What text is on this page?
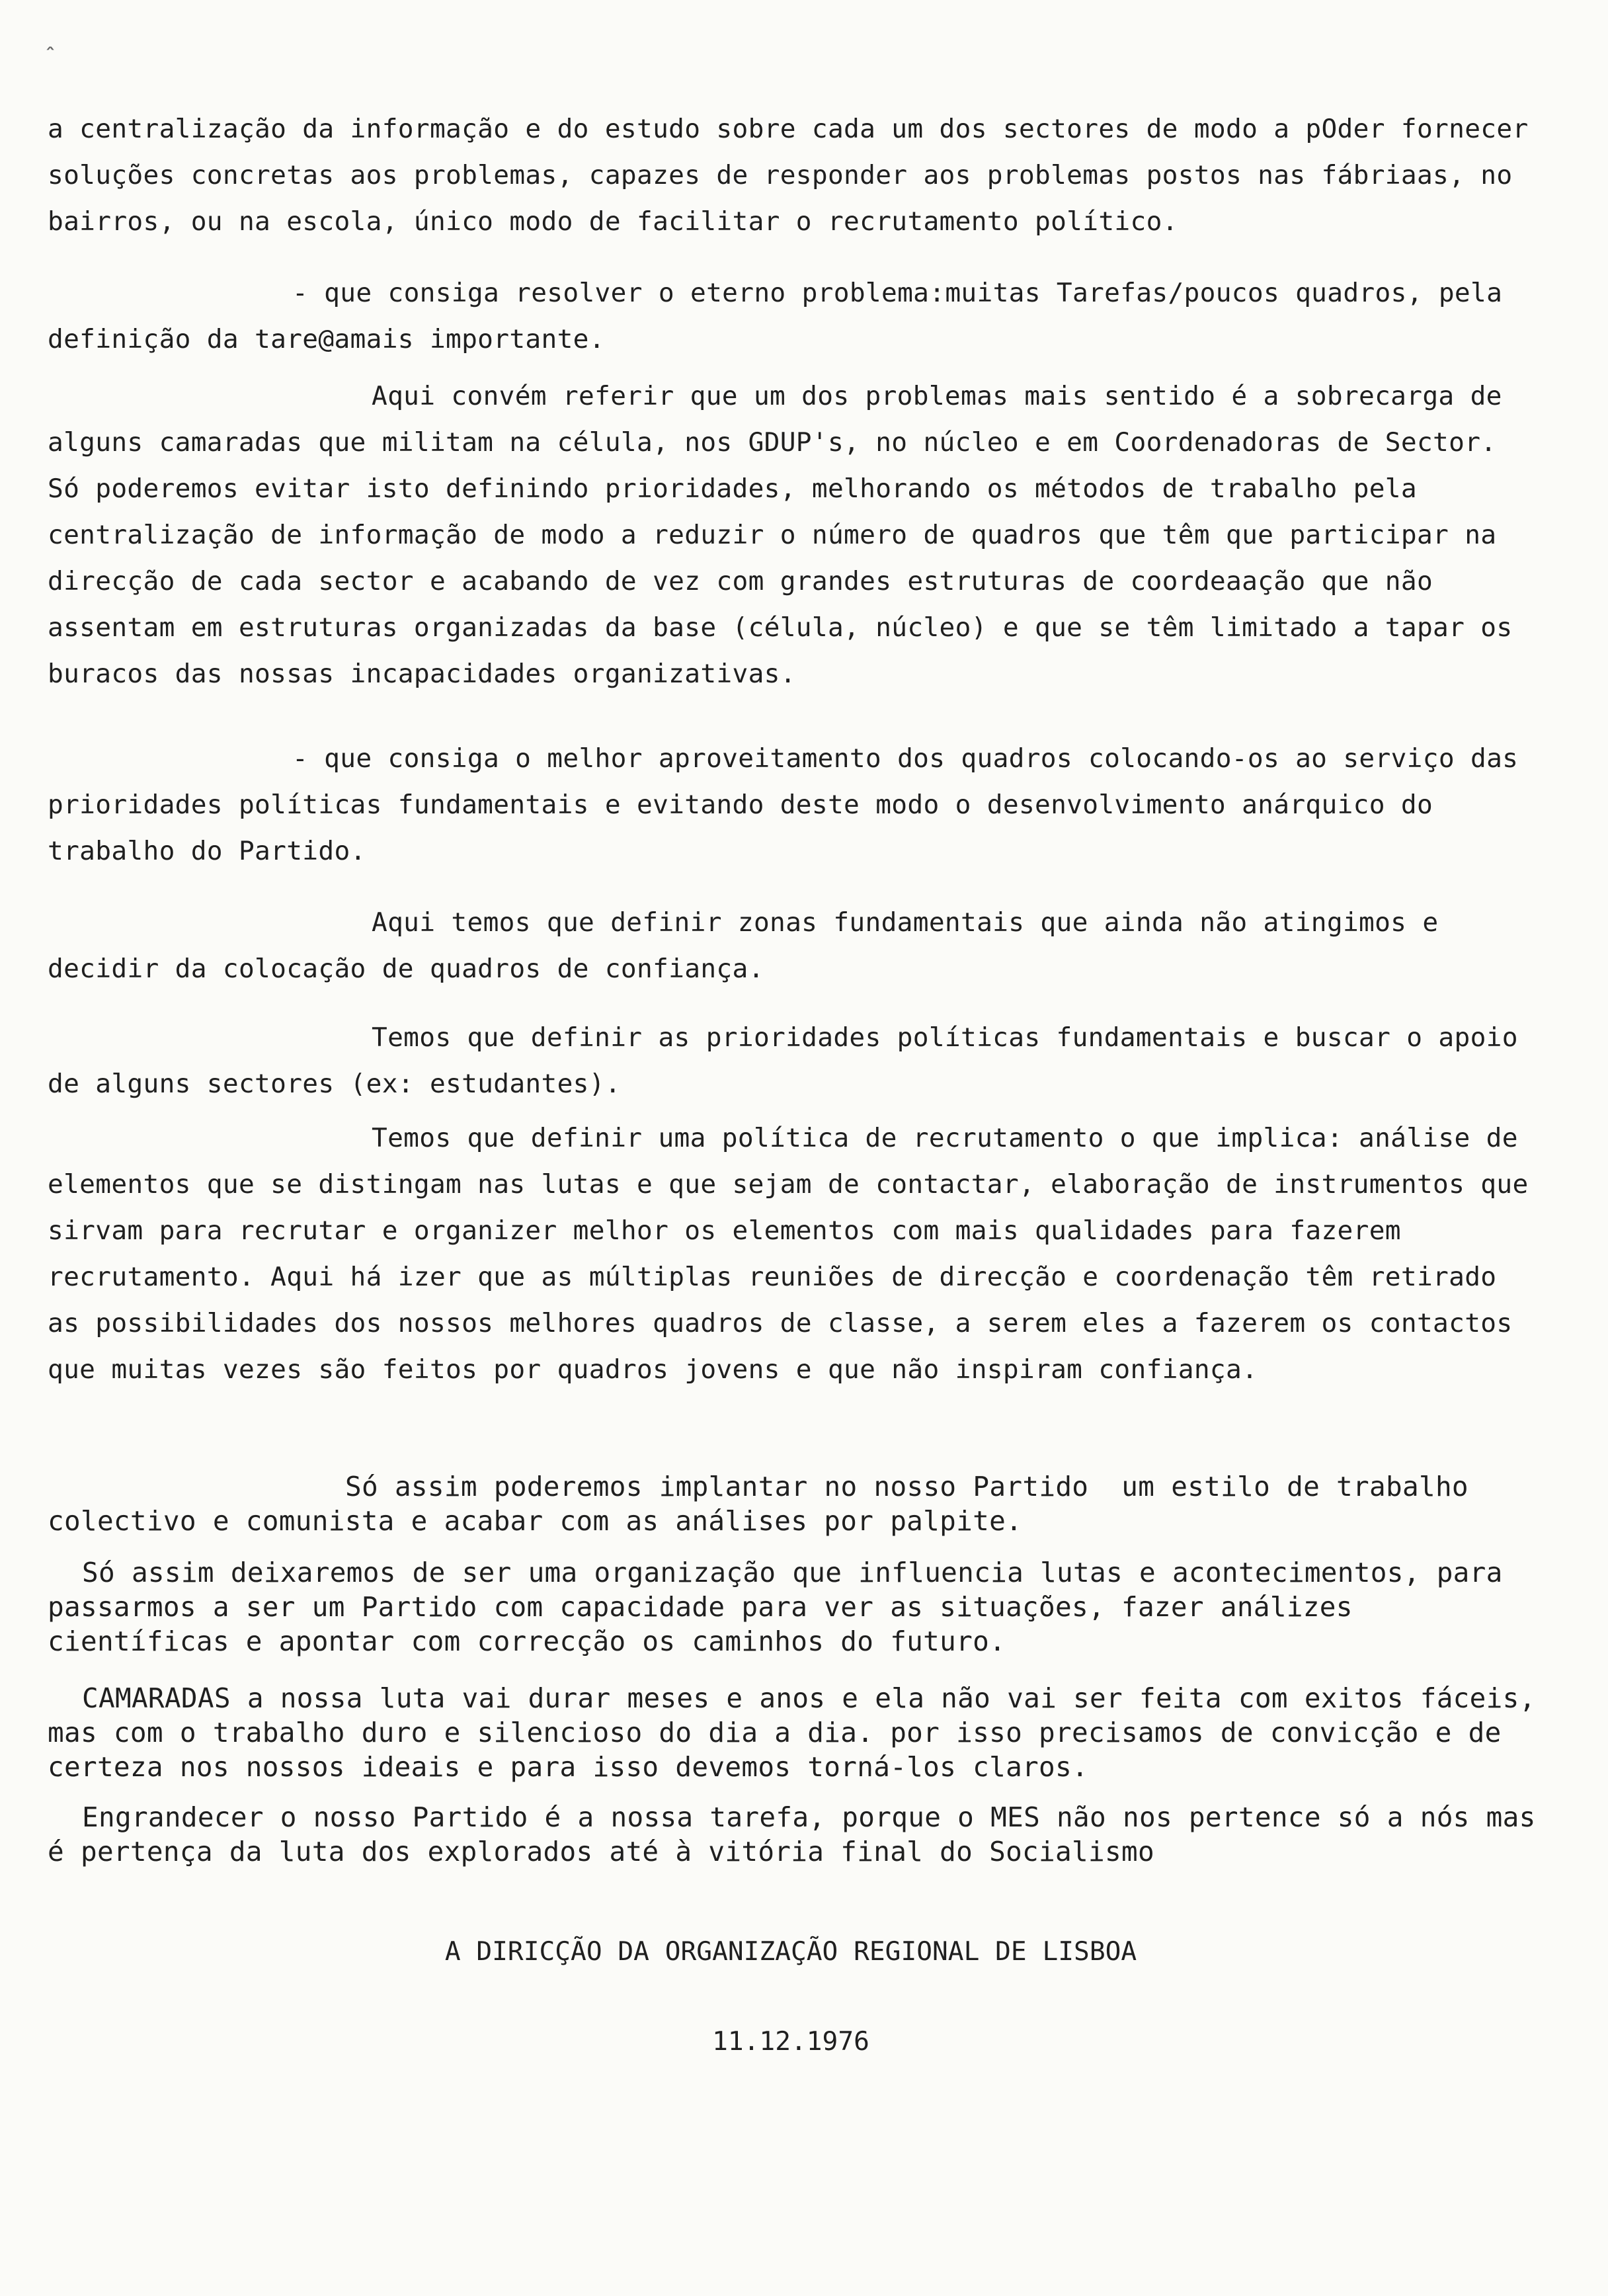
ꞈ

a centralização da informação e do estudo sobre cada um dos sectores de modo a pOder fornecer soluções concretas aos problemas, capazes de responder aos problemas postos nas fábriaas, no bairros, ou na escola, único modo de facilitar o recrutamento político.

- que consiga resolver o eterno problema:muitas Tarefas/poucos quadros, pela definição da tare@amais importante.

Aqui convém referir que um dos problemas mais sentido é a sobrecarga de alguns camaradas que militam na célula, nos GDUP's, no núcleo e em Coordenadoras de Sector. Só poderemos evitar isto definindo prioridades, melhorando os métodos de trabalho pela centralização de informação de modo a reduzir o número de quadros que têm que participar na direcção de cada sector e acabando de vez com grandes estruturas de coordeaação que não assentam em estruturas organizadas da base (célula, núcleo) e que se têm limitado a tapar os buracos das nossas incapacidades organizativas.

- que consiga o melhor aproveitamento dos quadros colocando-os ao serviço das prioridades políticas fundamentais e evitando deste modo o desenvolvimento anárquico do trabalho do Partido.

Aqui temos que definir zonas fundamentais que ainda não atingimos e decidir da colocação de quadros de confiança.

Temos que definir as prioridades políticas fundamentais e buscar o apoio de alguns sectores (ex: estudantes).

Temos que definir uma política de recrutamento o que implica: análise de elementos que se distingam nas lutas e que sejam de contactar, elaboração de instrumentos que sirvam para recrutar e organizer melhor os elementos com mais qualidades para fazerem recrutamento. Aqui há izer que as múltiplas reuniões de direcção e coordenação têm retirado as possibilidades dos nossos melhores quadros de classe, a serem eles a fazerem os contactos que muitas vezes são feitos por quadros jovens e que não inspiram confiança.

Só assim poderemos implantar no nosso Partido  um estilo de trabalho colectivo e comunista e acabar com as análises por palpite.

Só assim deixaremos de ser uma organização que influencia lutas e acontecimentos, para passarmos a ser um Partido com capacidade para ver as situações, fazer análizes científicas e apontar com correcção os caminhos do futuro.

CAMARADAS a nossa luta vai durar meses e anos e ela não vai ser feita com exitos fáceis, mas com o trabalho duro e silencioso do dia a dia. por isso precisamos de convicção e de certeza nos nossos ideais e para isso devemos torná-los claros.

Engrandecer o nosso Partido é a nossa tarefa, porque o MES não nos pertence só a nós mas é pertença da luta dos explorados até à vitória final do Socialismo

A DIRICÇÃO DA ORGANIZAÇÃO REGIONAL DE LISBOA
11.12.1976
